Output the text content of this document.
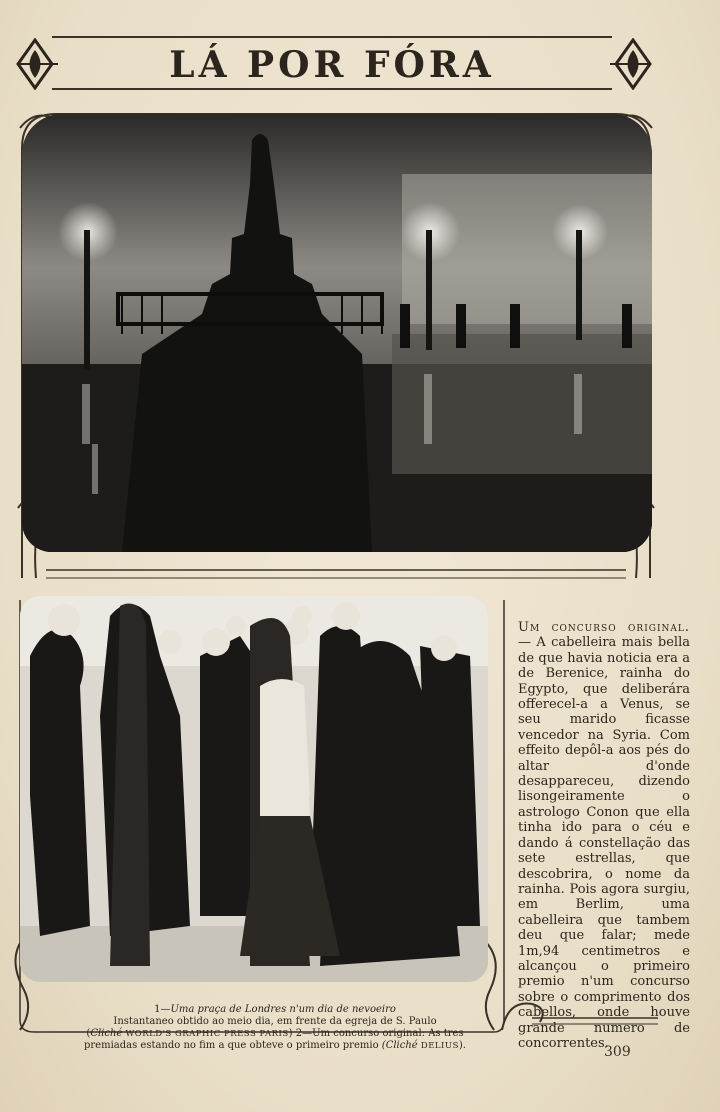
LÁ POR FÓRA
Um concurso original. — A cabelleira mais bella de que havia noticia era a de Berenice, rainha do Egypto, que deliberára offerecel-a a Venus, se seu marido ficasse vencedor na Syria. Com effeito depôl-a aos pés do altar d'onde desappareceu, dizendo lisongeiramente o astrologo Conon que ella tinha ido para o céu e dando á constellação das sete estrellas, que descobrira, o nome da rainha. Pois agora surgiu, em Berlim, uma cabelleira que tambem deu que falar; mede 1m,94 centimetros e alcançou o primeiro premio n'um concurso sobre o comprimento dos cabellos, onde houve grande numero de concorrentes.
1—Uma praça de Londres n'um dia de nevoeiro
Instantaneo obtido ao meio dia, em frente da egreja de S. Paulo
(Cliché WORLD'S GRAPHIC PRESS PARIS) 2—Um concurso original: As tres premiadas estando no fim a que obteve o primeiro premio (Cliché DELIUS).	309
